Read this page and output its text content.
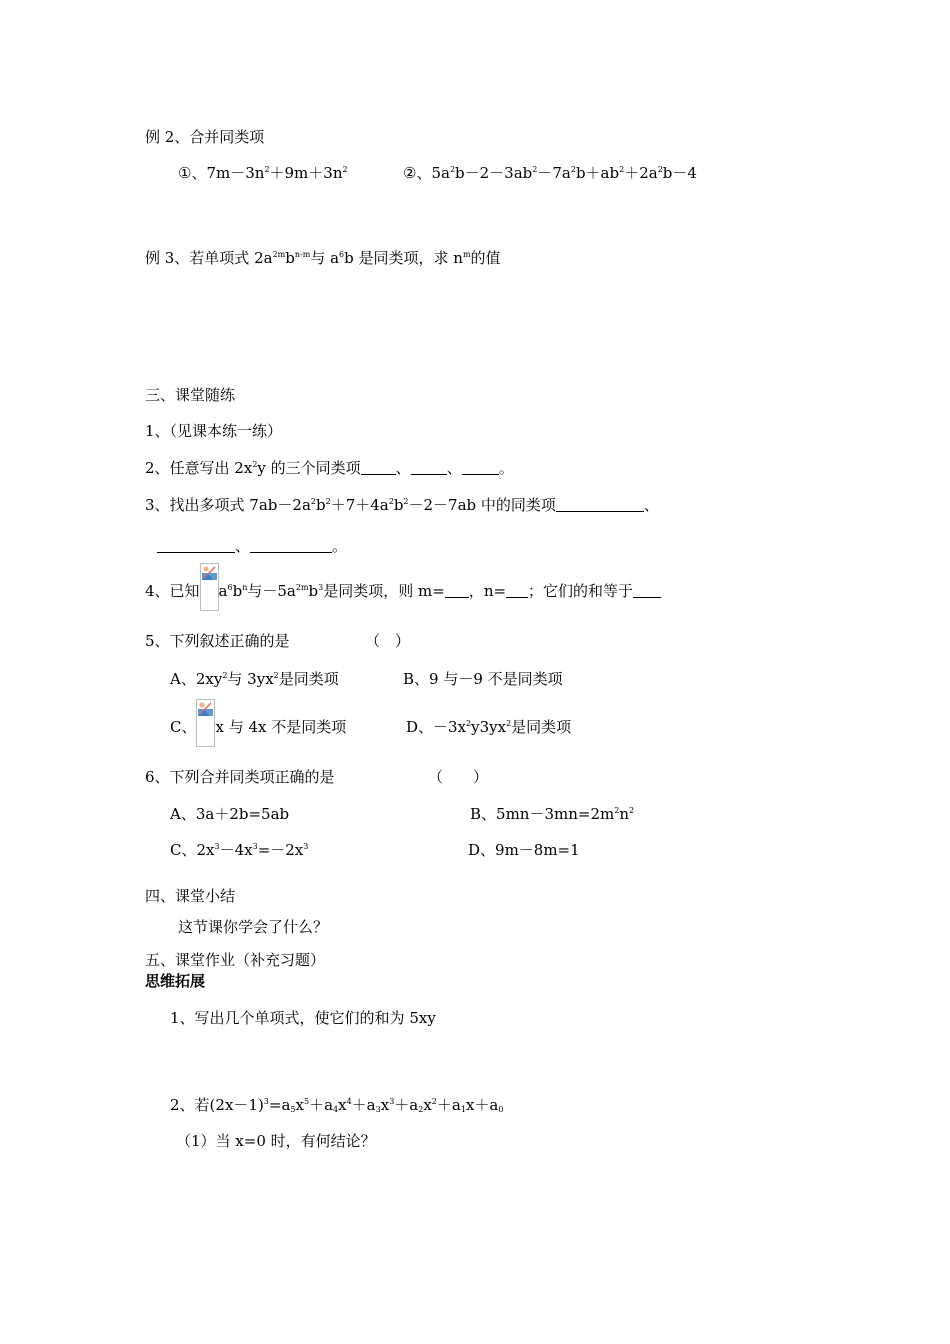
例 2、合并同类项
①、$7m-3n^2+9m+3n^2$	②、$5a^2b-2-3ab^2-7a^2b+ab^2+2a^2b-4$
例 3、若单项式 $2a^{2m}b^{n-m}$与 $a^6b$ 是同类项，求 $n^m$的值
三、课堂随练
1、（见课本练一练）
2、任意写出 $2x^2y$ 的三个同类项 、 、 。
3、找出多项式 $7ab-2a^2b^2+7+4a^2b^2-2-7ab$ 中的同类项	、
、	。
4、已知 $a^6b^n$与$-5a^{2m}b^3$是同类项，则 m= ，n= ；它们的和等于
5、下列叙述正确的是	（　）
A、$2xy^2$与 $3yx^2$是同类项	B、9 与－9 不是同类项
C、 x 与 4x 不是同类项	D、$-3x^2y3yx^2$是同类项
6、下列合并同类项正确的是	（　　）
A、3a＋2b=5ab	B、$5mn-3mn=2m^2n^2$
C、$2x^3-4x^3=-2x^3$	D、9m－8m=1
四、课堂小结
这节课你学会了什么？
五、课堂作业（补充习题）
思维拓展
1、写出几个单项式，使它们的和为 5xy
2、若$(2x-1)^3=a_5x^5+a_4x^4+a_3x^3+a_2x^2+a_1x+a_0$
（1）当 x=0 时，有何结论？
